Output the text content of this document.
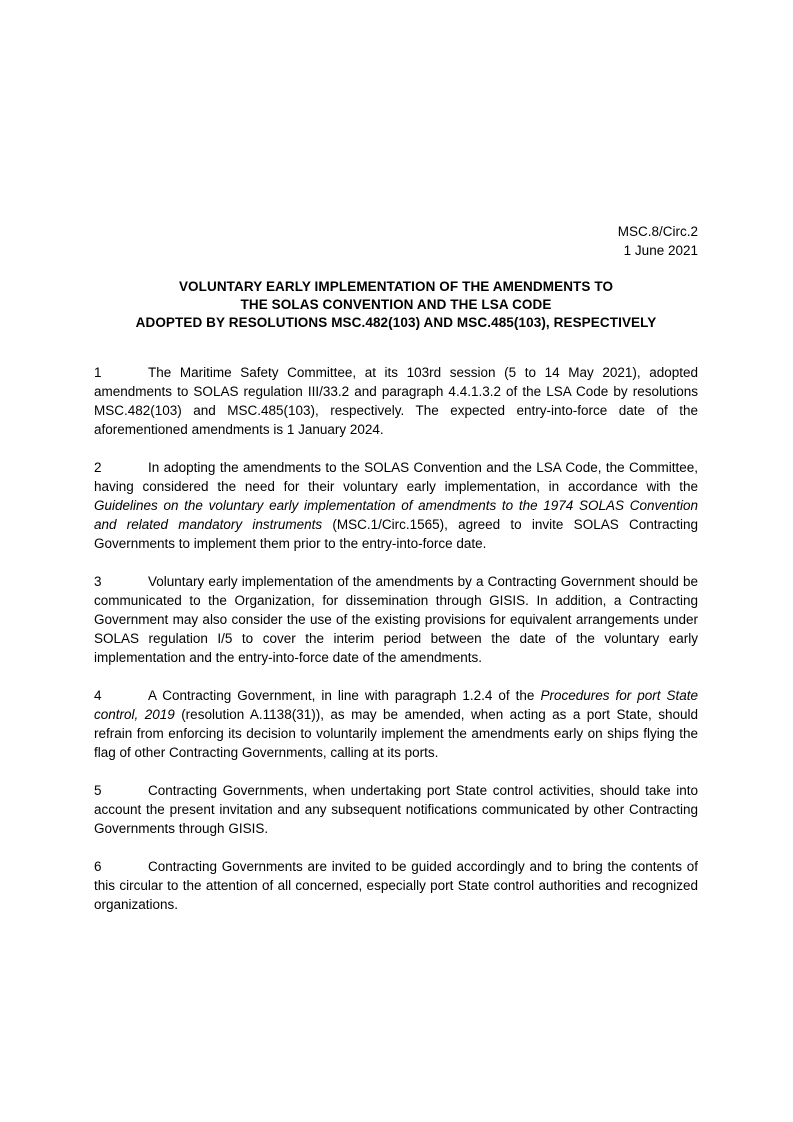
MSC.8/Circ.2
1 June 2021
VOLUNTARY EARLY IMPLEMENTATION OF THE AMENDMENTS TO
THE SOLAS CONVENTION AND THE LSA CODE
ADOPTED BY RESOLUTIONS MSC.482(103) AND MSC.485(103), RESPECTIVELY

1	The Maritime Safety Committee, at its 103rd session (5 to 14 May 2021), adopted amendments to SOLAS regulation III/33.2 and paragraph 4.4.1.3.2 of the LSA Code by resolutions MSC.482(103) and MSC.485(103), respectively. The expected entry-into-force date of the aforementioned amendments is 1 January 2024.

2	In adopting the amendments to the SOLAS Convention and the LSA Code, the Committee, having considered the need for their voluntary early implementation, in accordance with the Guidelines on the voluntary early implementation of amendments to the 1974 SOLAS Convention and related mandatory instruments (MSC.1/Circ.1565), agreed to invite SOLAS Contracting Governments to implement them prior to the entry-into-force date.

3	Voluntary early implementation of the amendments by a Contracting Government should be communicated to the Organization, for dissemination through GISIS. In addition, a Contracting Government may also consider the use of the existing provisions for equivalent arrangements under SOLAS regulation I/5 to cover the interim period between the date of the voluntary early implementation and the entry-into-force date of the amendments.

4	A Contracting Government, in line with paragraph 1.2.4 of the Procedures for port State control, 2019 (resolution A.1138(31)), as may be amended, when acting as a port State, should refrain from enforcing its decision to voluntarily implement the amendments early on ships flying the flag of other Contracting Governments, calling at its ports.

5	Contracting Governments, when undertaking port State control activities, should take into account the present invitation and any subsequent notifications communicated by other Contracting Governments through GISIS.

6	Contracting Governments are invited to be guided accordingly and to bring the contents of this circular to the attention of all concerned, especially port State control authorities and recognized organizations.
